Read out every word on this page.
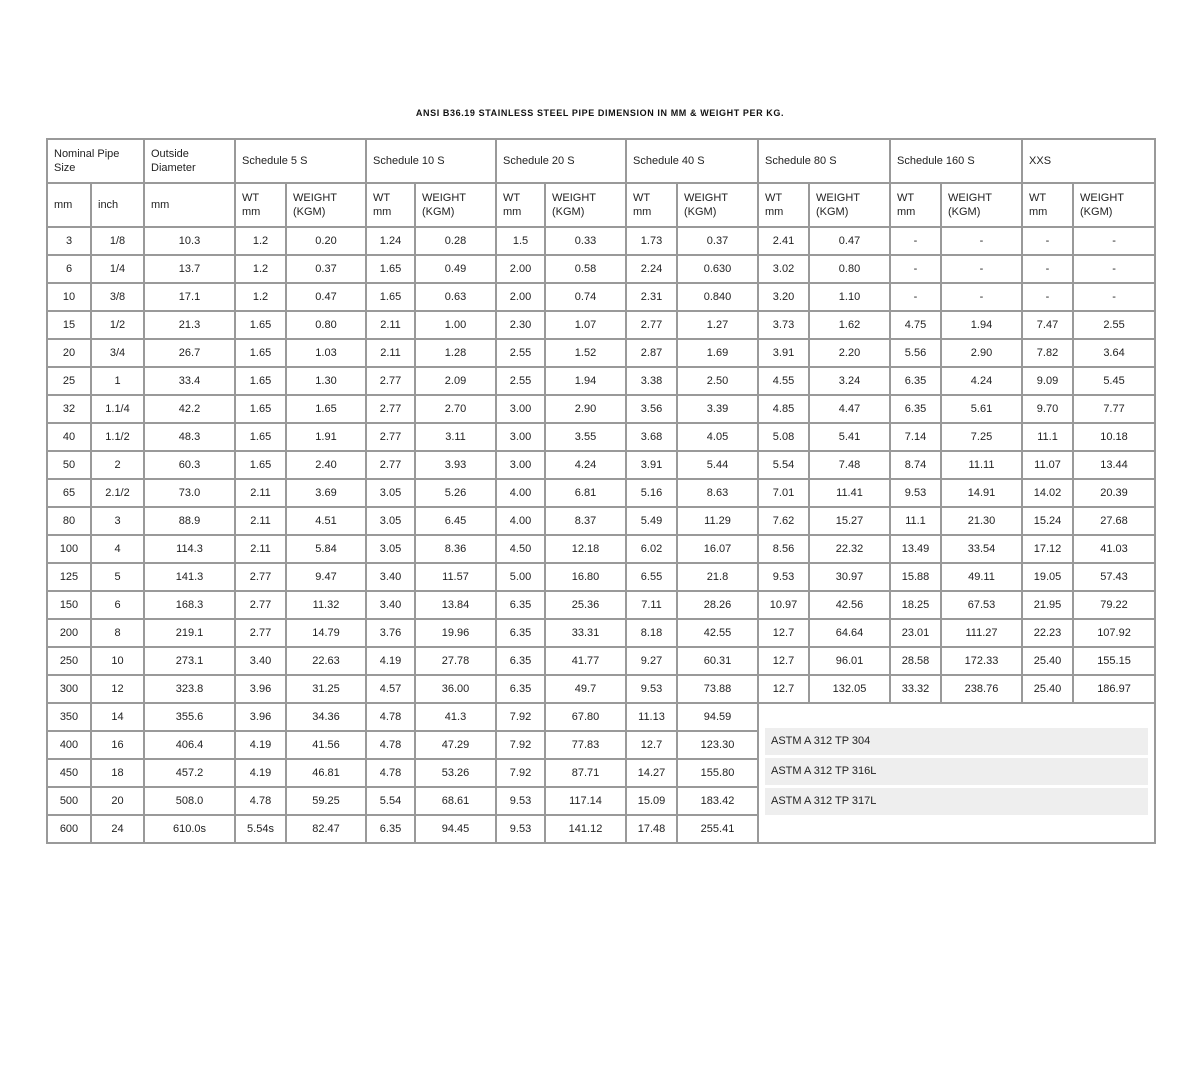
ANSI B36.19 STAINLESS STEEL PIPE DIMENSION IN MM & WEIGHT PER KG.
Nominal Pipe Size		Outside Diameter	Schedule 5 S		Schedule 10 S		Schedule 20 S		Schedule 40 S		Schedule 80 S		Schedule 160 S		XXS	
mm	inch	mm	WT mm	WEIGHT (KGM)	WT mm	WEIGHT (KGM)	WT mm	WEIGHT (KGM)	WT mm	WEIGHT (KGM)	WT mm	WEIGHT (KGM)	WT mm	WEIGHT (KGM)	WT mm	WEIGHT (KGM)
3	1/8	10.3	1.2	0.20	1.24	0.28	1.5	0.33	1.73	0.37	2.41	0.47	-	-	-	-
6	1/4	13.7	1.2	0.37	1.65	0.49	2.00	0.58	2.24	0.630	3.02	0.80	-	-	-	-
10	3/8	17.1	1.2	0.47	1.65	0.63	2.00	0.74	2.31	0.840	3.20	1.10	-	-	-	-
15	1/2	21.3	1.65	0.80	2.11	1.00	2.30	1.07	2.77	1.27	3.73	1.62	4.75	1.94	7.47	2.55
20	3/4	26.7	1.65	1.03	2.11	1.28	2.55	1.52	2.87	1.69	3.91	2.20	5.56	2.90	7.82	3.64
25	1	33.4	1.65	1.30	2.77	2.09	2.55	1.94	3.38	2.50	4.55	3.24	6.35	4.24	9.09	5.45
32	1.1/4	42.2	1.65	1.65	2.77	2.70	3.00	2.90	3.56	3.39	4.85	4.47	6.35	5.61	9.70	7.77
40	1.1/2	48.3	1.65	1.91	2.77	3.11	3.00	3.55	3.68	4.05	5.08	5.41	7.14	7.25	11.1	10.18
50	2	60.3	1.65	2.40	2.77	3.93	3.00	4.24	3.91	5.44	5.54	7.48	8.74	11.11	11.07	13.44
65	2.1/2	73.0	2.11	3.69	3.05	5.26	4.00	6.81	5.16	8.63	7.01	11.41	9.53	14.91	14.02	20.39
80	3	88.9	2.11	4.51	3.05	6.45	4.00	8.37	5.49	11.29	7.62	15.27	11.1	21.30	15.24	27.68
100	4	114.3	2.11	5.84	3.05	8.36	4.50	12.18	6.02	16.07	8.56	22.32	13.49	33.54	17.12	41.03
125	5	141.3	2.77	9.47	3.40	11.57	5.00	16.80	6.55	21.8	9.53	30.97	15.88	49.11	19.05	57.43
150	6	168.3	2.77	11.32	3.40	13.84	6.35	25.36	7.11	28.26	10.97	42.56	18.25	67.53	21.95	79.22
200	8	219.1	2.77	14.79	3.76	19.96	6.35	33.31	8.18	42.55	12.7	64.64	23.01	111.27	22.23	107.92
250	10	273.1	3.40	22.63	4.19	27.78	6.35	41.77	9.27	60.31	12.7	96.01	28.58	172.33	25.40	155.15
300	12	323.8	3.96	31.25	4.57	36.00	6.35	49.7	9.53	73.88	12.7	132.05	33.32	238.76	25.40	186.97
350	14	355.6	3.96	34.36	4.78	41.3	7.92	67.80	11.13	94.59	ASTM A 312 TP 304
ASTM A 312 TP 316L
ASTM A 312 TP 317L					

400	16	406.4	4.19	41.56	4.78	47.29	7.92	77.83	12.7	123.30						
450	18	457.2	4.19	46.81	4.78	53.26	7.92	87.71	14.27	155.80						
500	20	508.0	4.78	59.25	5.54	68.61	9.53	117.14	15.09	183.42						
600	24	610.0s	5.54s	82.47	6.35	94.45	9.53	141.12	17.48	255.41						
